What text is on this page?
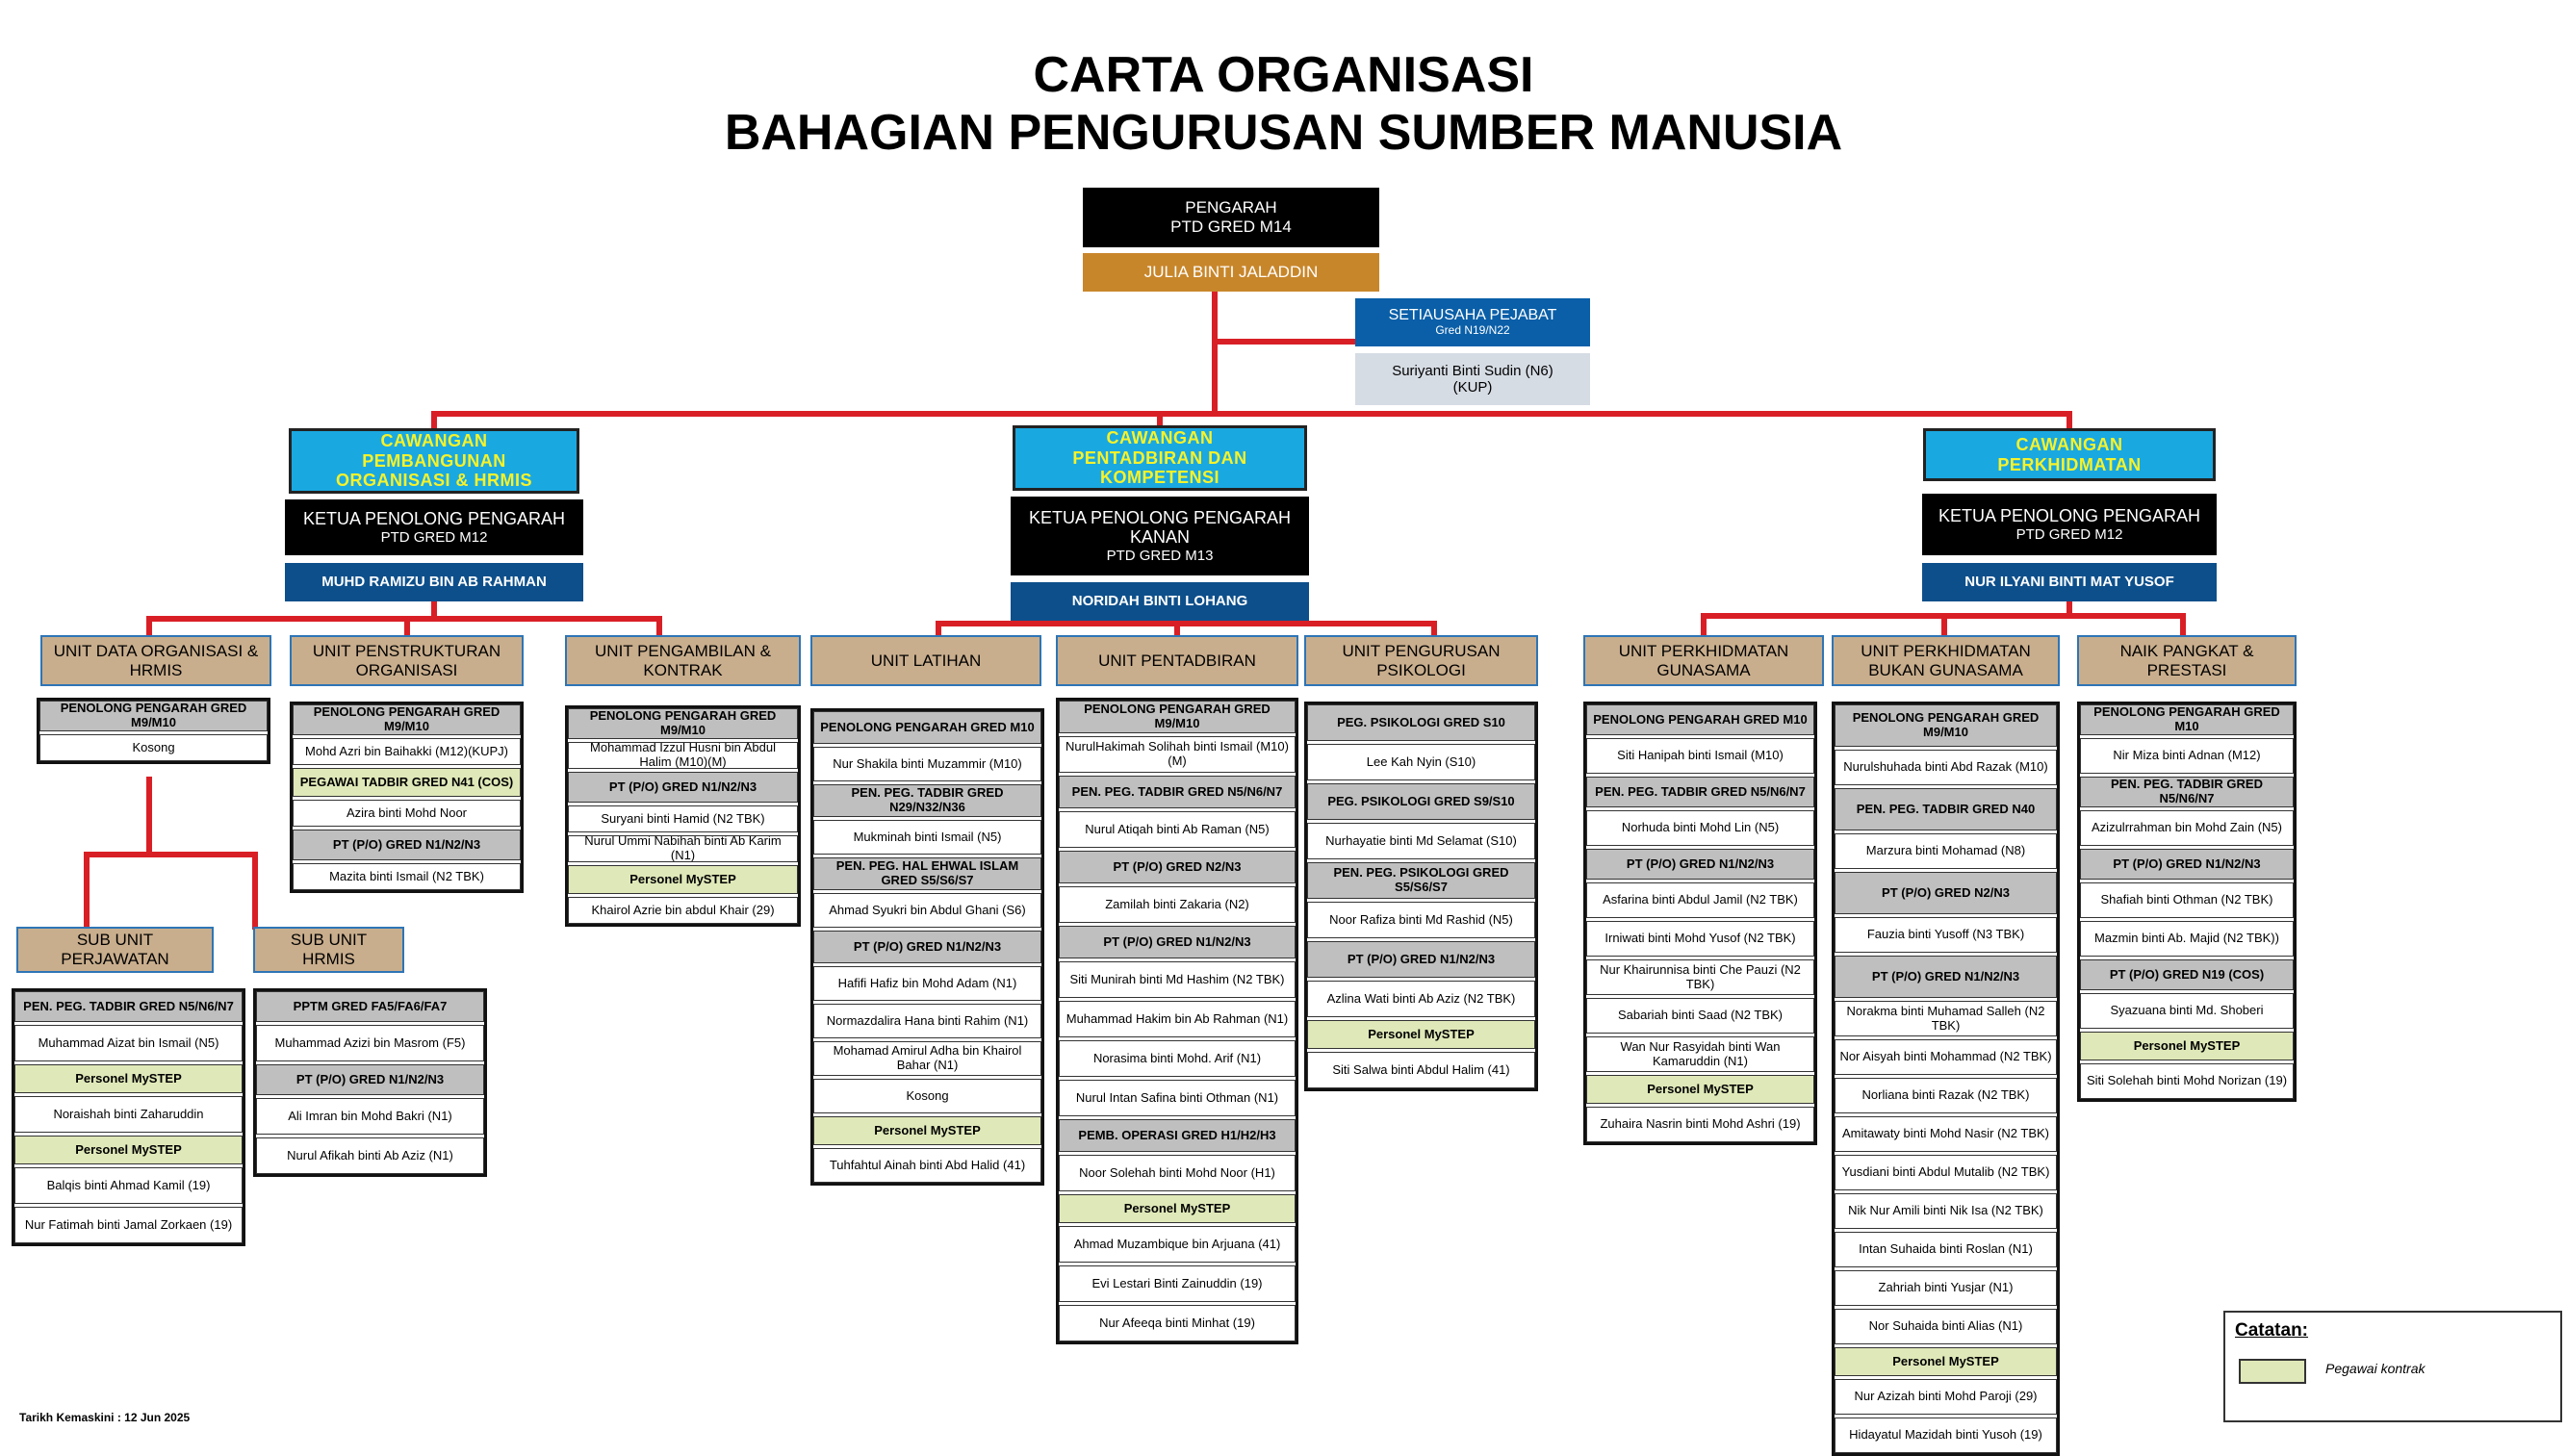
CARTA ORGANISASI
BAHAGIAN PENGURUSAN SUMBER MANUSIA
PENGARAH
PTD GRED M14
JULIA BINTI JALADDIN
SETIAUSAHA PEJABAT
Gred N19/N22
Suriyanti Binti Sudin (N6)
(KUP)
CAWANGAN
PEMBANGUNAN
ORGANISASI & HRMIS
KETUA PENOLONG PENGARAH
PTD GRED M12
MUHD RAMIZU BIN AB RAHMAN
CAWANGAN
PENTADBIRAN DAN
KOMPETENSI
KETUA PENOLONG PENGARAH
KANAN
PTD GRED M13
NORIDAH BINTI LOHANG
CAWANGAN
PERKHIDMATAN
KETUA PENOLONG PENGARAH
PTD GRED M12
NUR ILYANI BINTI MAT YUSOF
UNIT DATA ORGANISASI & HRMIS
PENOLONG PENGARAH GRED M9/M10
Kosong
UNIT PENSTRUKTURAN ORGANISASI
PENOLONG PENGARAH GRED M9/M10
Mohd Azri bin Baihakki (M12)(KUPJ)
PEGAWAI TADBIR GRED N41 (COS)
Azira binti Mohd Noor
PT (P/O) GRED N1/N2/N3
Mazita binti Ismail (N2 TBK)
UNIT PENGAMBILAN & KONTRAK
PENOLONG PENGARAH GRED M9/M10
Mohammad Izzul Husni bin Abdul Halim (M10)(M)
PT (P/O) GRED N1/N2/N3
Suryani binti Hamid (N2 TBK)
Nurul Ummi Nabihah binti Ab Karim (N1)
Personel MySTEP
Khairol Azrie bin abdul Khair (29)
UNIT LATIHAN
PENOLONG PENGARAH GRED M10
Nur Shakila binti Muzammir (M10)
PEN. PEG. TADBIR GRED N29/N32/N36
Mukminah binti Ismail (N5)
PEN. PEG. HAL EHWAL ISLAM GRED S5/S6/S7
Ahmad Syukri bin Abdul Ghani (S6)
PT (P/O) GRED N1/N2/N3
Hafifi Hafiz bin Mohd Adam (N1)
Normazdalira Hana binti Rahim (N1)
Mohamad Amirul Adha bin Khairol Bahar (N1)
Kosong
Personel MySTEP
Tuhfahtul Ainah binti Abd Halid (41)
UNIT PENTADBIRAN
PENOLONG PENGARAH GRED M9/M10
NurulHakimah Solihah binti Ismail (M10)(M)
PEN. PEG. TADBIR GRED N5/N6/N7
Nurul Atiqah binti Ab Raman (N5)
PT (P/O) GRED N2/N3
Zamilah binti Zakaria (N2)
PT (P/O) GRED N1/N2/N3
Siti Munirah binti Md Hashim (N2 TBK)
Muhammad Hakim bin Ab Rahman (N1)
Norasima binti Mohd. Arif (N1)
Nurul Intan Safina binti Othman (N1)
PEMB. OPERASI GRED H1/H2/H3
Noor Solehah binti Mohd Noor (H1)
Personel MySTEP
Ahmad Muzambique bin Arjuana (41)
Evi Lestari Binti Zainuddin (19)
Nur Afeeqa binti Minhat (19)
UNIT PENGURUSAN PSIKOLOGI
PEG. PSIKOLOGI GRED S10
Lee Kah Nyin (S10)
PEG. PSIKOLOGI GRED S9/S10
Nurhayatie binti Md Selamat (S10)
PEN. PEG. PSIKOLOGI GRED S5/S6/S7
Noor Rafiza binti Md Rashid (N5)
PT (P/O) GRED N1/N2/N3
Azlina Wati binti Ab Aziz (N2 TBK)
Personel MySTEP
Siti Salwa binti Abdul Halim (41)
UNIT PERKHIDMATAN GUNASAMA
PENOLONG PENGARAH GRED M10
Siti Hanipah binti Ismail (M10)
PEN. PEG. TADBIR GRED N5/N6/N7
Norhuda binti Mohd Lin (N5)
PT (P/O) GRED N1/N2/N3
Asfarina binti Abdul Jamil (N2 TBK)
Irniwati binti Mohd Yusof (N2 TBK)
Nur Khairunnisa binti Che Pauzi (N2 TBK)
Sabariah binti Saad (N2 TBK)
Wan Nur Rasyidah binti Wan Kamaruddin (N1)
Personel MySTEP
Zuhaira Nasrin binti Mohd Ashri (19)
UNIT PERKHIDMATAN BUKAN GUNASAMA
PENOLONG PENGARAH GRED M9/M10
Nurulshuhada binti Abd Razak (M10)
PEN. PEG. TADBIR GRED N40
Marzura binti Mohamad (N8)
PT (P/O) GRED N2/N3
Fauzia binti Yusoff (N3 TBK)
PT (P/O) GRED N1/N2/N3
Norakma binti Muhamad Salleh (N2 TBK)
Nor Aisyah binti Mohammad (N2 TBK)
Norliana binti Razak (N2 TBK)
Amitawaty binti Mohd Nasir (N2 TBK)
Yusdiani binti Abdul Mutalib (N2 TBK)
Nik Nur Amili binti Nik Isa (N2 TBK)
Intan Suhaida binti Roslan (N1)
Zahriah binti Yusjar (N1)
Nor Suhaida binti Alias (N1)
Personel MySTEP
Nur Azizah binti Mohd Paroji (29)
Hidayatul Mazidah binti Yusoh (19)
NAIK PANGKAT & PRESTASI
PENOLONG PENGARAH GRED M10
Nir Miza binti Adnan (M12)
PEN. PEG. TADBIR GRED N5/N6/N7
Azizulrrahman bin Mohd Zain (N5)
PT (P/O) GRED N1/N2/N3
Shafiah binti Othman (N2 TBK)
Mazmin binti Ab. Majid (N2 TBK))
PT (P/O) GRED N19 (COS)
Syazuana binti Md. Shoberi
Personel MySTEP
Siti Solehah binti Mohd Norizan (19)
SUB UNIT PERJAWATAN
PEN. PEG. TADBIR GRED N5/N6/N7
Muhammad Aizat bin Ismail (N5)
Personel MySTEP
Noraishah binti Zaharuddin
Personel MySTEP
Balqis binti Ahmad Kamil (19)
Nur Fatimah binti Jamal Zorkaen (19)
SUB UNIT HRMIS
PPTM GRED FA5/FA6/FA7
Muhammad Azizi bin Masrom (F5)
PT (P/O) GRED N1/N2/N3
Ali Imran bin Mohd Bakri (N1)
Nurul Afikah binti Ab Aziz (N1)
Catatan:
Pegawai kontrak
Tarikh Kemaskini : 12 Jun 2025
